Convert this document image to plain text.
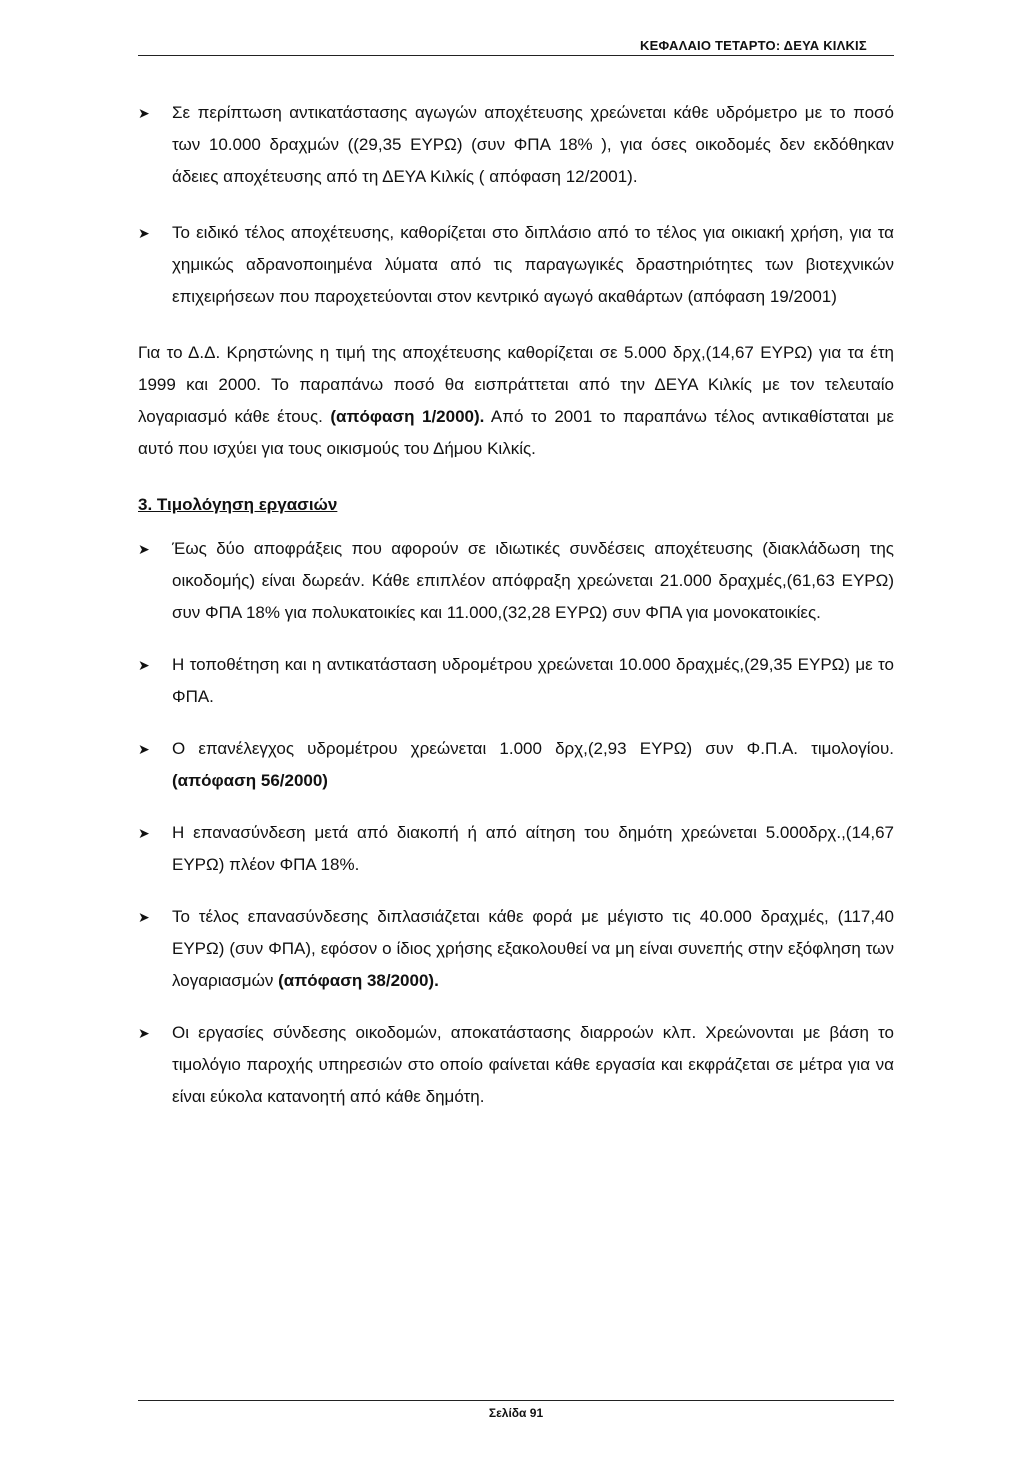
ΚΕΦΑΛΑΙΟ ΤΕΤΑΡΤΟ: ΔΕΥΑ ΚΙΛΚΙΣ
➤ Σε περίπτωση αντικατάστασης αγωγών αποχέτευσης χρεώνεται κάθε υδρόμετρο με το ποσό των 10.000 δραχμών ((29,35 ΕΥΡΩ) (συν ΦΠΑ 18% ), για όσες οικοδομές δεν εκδόθηκαν άδειες αποχέτευσης από τη ΔΕΥΑ Κιλκίς ( απόφαση 12/2001).
➤ Το ειδικό τέλος αποχέτευσης, καθορίζεται στο διπλάσιο από το τέλος για οικιακή χρήση, για τα χημικώς αδρανοποιημένα λύματα από τις παραγωγικές δραστηριότητες των βιοτεχνικών επιχειρήσεων που παροχετεύονται στον κεντρικό αγωγό ακαθάρτων (απόφαση 19/2001)
Για το Δ.Δ. Κρηστώνης η τιμή της αποχέτευσης καθορίζεται σε 5.000 δρχ,(14,67 ΕΥΡΩ) για τα έτη 1999 και 2000. Το παραπάνω ποσό θα εισπράττεται από την ΔΕΥΑ Κιλκίς με τον τελευταίο λογαριασμό κάθε έτους. (απόφαση 1/2000). Από το 2001 το παραπάνω τέλος αντικαθίσταται με αυτό που ισχύει για τους οικισμούς του Δήμου Κιλκίς.
3. Τιμολόγηση εργασιών
➤ Έως δύο αποφράξεις που αφορούν σε ιδιωτικές συνδέσεις αποχέτευσης (διακλάδωση της οικοδομής) είναι δωρεάν. Κάθε επιπλέον απόφραξη χρεώνεται 21.000 δραχμές,(61,63 ΕΥΡΩ) συν ΦΠΑ 18% για πολυκατοικίες και 11.000,(32,28 ΕΥΡΩ) συν ΦΠΑ για μονοκατοικίες.
➤ Η τοποθέτηση και η αντικατάσταση υδρομέτρου χρεώνεται 10.000 δραχμές,(29,35 ΕΥΡΩ) με το ΦΠΑ.
➤ Ο επανέλεγχος υδρομέτρου χρεώνεται 1.000 δρχ,(2,93 ΕΥΡΩ) συν Φ.Π.Α. τιμολογίου. (απόφαση 56/2000)
➤ Η επανασύνδεση μετά από διακοπή ή από αίτηση του δημότη χρεώνεται 5.000δρχ.,(14,67 ΕΥΡΩ) πλέον ΦΠΑ 18%.
➤ Το τέλος επανασύνδεσης διπλασιάζεται κάθε φορά με μέγιστο τις 40.000 δραχμές, (117,40 ΕΥΡΩ) (συν ΦΠΑ), εφόσον ο ίδιος χρήσης εξακολουθεί να μη είναι συνεπής στην εξόφληση των λογαριασμών (απόφαση 38/2000).
➤ Οι εργασίες σύνδεσης οικοδομών, αποκατάστασης διαρροών κλπ. Χρεώνονται με βάση το τιμολόγιο παροχής υπηρεσιών στο οποίο φαίνεται κάθε εργασία και εκφράζεται σε μέτρα για να είναι εύκολα κατανοητή από κάθε δημότη.
Σελίδα 91
